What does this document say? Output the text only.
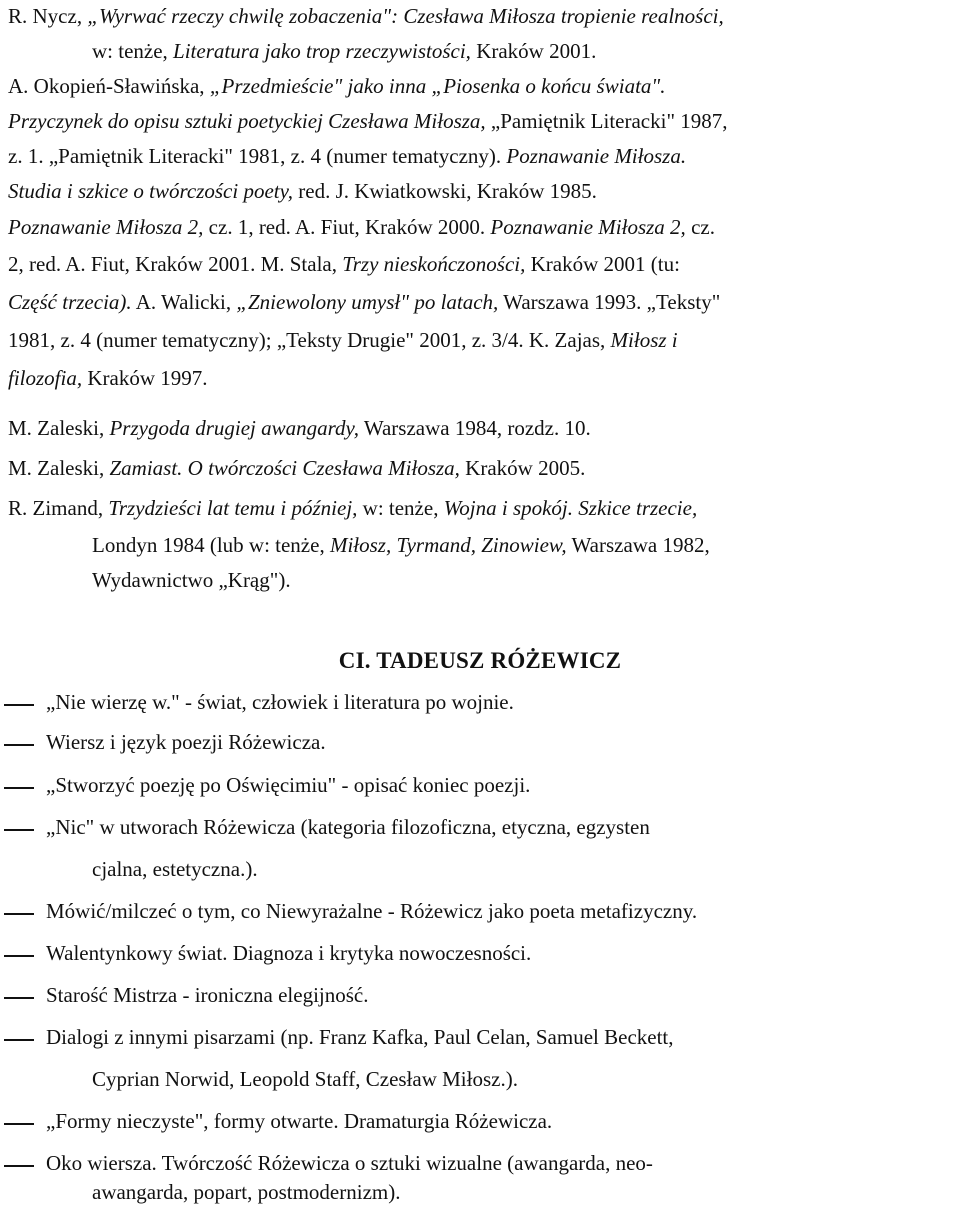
R. Nycz, „Wyrwać rzeczy chwilę zobaczenia": Czesława Miłosza tropienie realności,
w: tenże, Literatura jako trop rzeczywistości, Kraków 2001.
A. Okopień-Sławińska, „Przedmieście" jako inna „Piosenka o końcu świata".
Przyczynek do opisu sztuki poetyckiej Czesława Miłosza, „Pamiętnik Literacki" 1987,
z. 1. „Pamiętnik Literacki" 1981, z. 4 (numer tematyczny). Poznawanie Miłosza.
Studia i szkice o twórczości poety, red. J. Kwiatkowski, Kraków 1985.
Poznawanie Miłosza 2, cz. 1, red. A. Fiut, Kraków 2000. Poznawanie Miłosza 2, cz.
2, red. A. Fiut, Kraków 2001. M. Stala, Trzy nieskończoności, Kraków 2001 (tu:
Część trzecia). A. Walicki, „Zniewolony umysł" po latach, Warszawa 1993. „Teksty"
1981, z. 4 (numer tematyczny); „Teksty Drugie" 2001, z. 3/4. K. Zajas, Miłosz i
filozofia, Kraków 1997.
M. Zaleski, Przygoda drugiej awangardy, Warszawa 1984, rozdz. 10.
M. Zaleski, Zamiast. O twórczości Czesława Miłosza, Kraków 2005.
R. Zimand, Trzydzieści lat temu i później, w: tenże, Wojna i spokój. Szkice trzecie,
Londyn 1984 (lub w: tenże, Miłosz, Tyrmand, Zinowiew, Warszawa 1982,
Wydawnictwo „Krąg").
CI. TADEUSZ RÓŻEWICZ
„Nie wierzę w." - świat, człowiek i literatura po wojnie.
Wiersz i język poezji Różewicza.
„Stworzyć poezję po Oświęcimiu" - opisać koniec poezji.
„Nic" w utworach Różewicza (kategoria filozoficzna, etyczna, egzysten
cjalna, estetyczna.).
Mówić/milczeć o tym, co Niewyrażalne - Różewicz jako poeta metafizyczny.
Walentynkowy świat. Diagnoza i krytyka nowoczesności.
Starość Mistrza - ironiczna elegijność.
Dialogi z innymi pisarzami (np. Franz Kafka, Paul Celan, Samuel Beckett,
Cyprian Norwid, Leopold Staff, Czesław Miłosz.).
„Formy nieczyste", formy otwarte. Dramaturgia Różewicza.
Oko wiersza. Twórczość Różewicza o sztuki wizualne (awangarda, neo-
awangarda, popart, postmodernizm).
